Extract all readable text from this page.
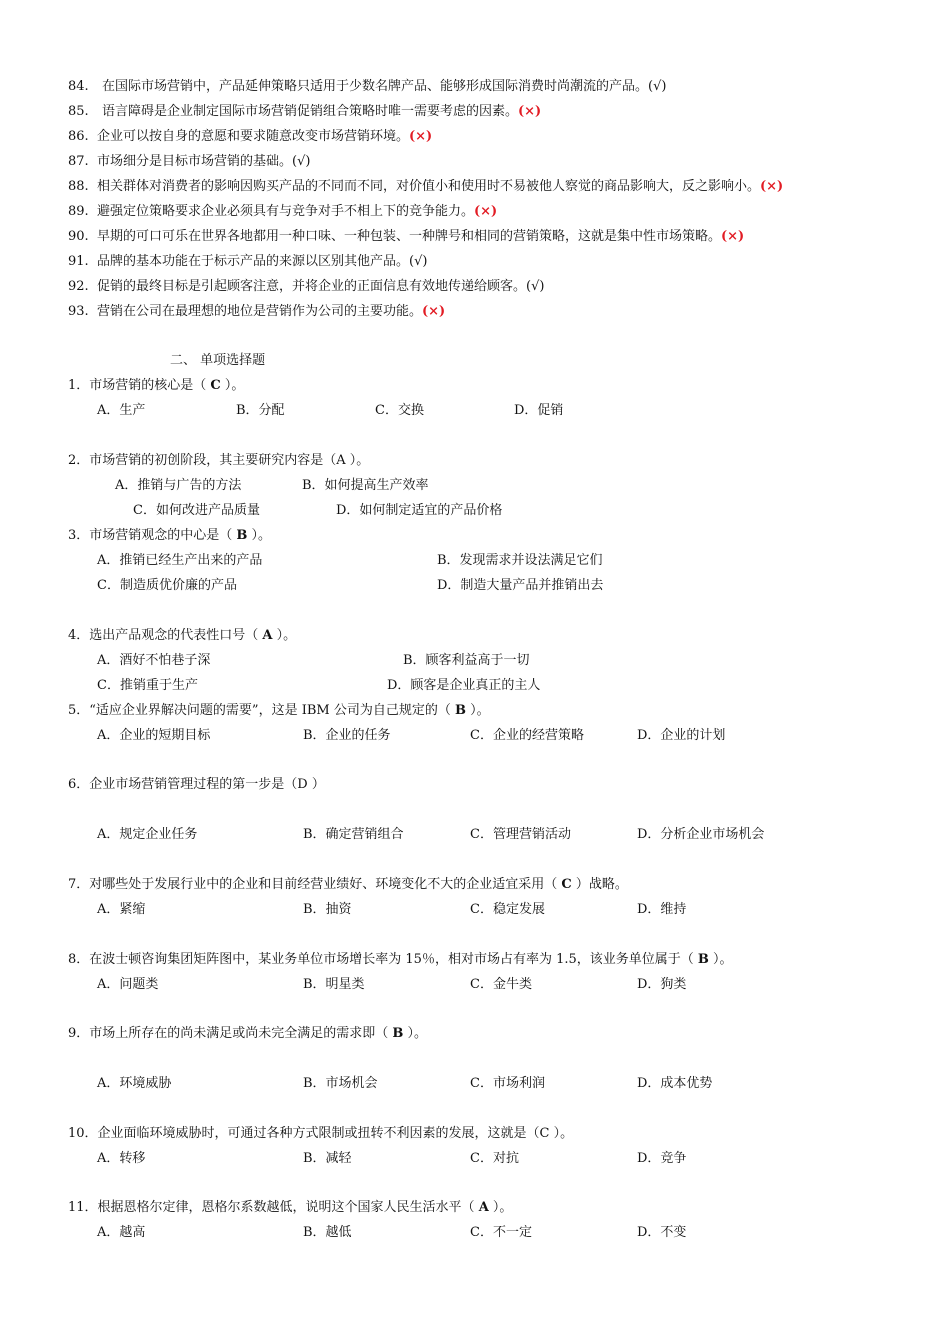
84. 在国际市场营销中，产品延伸策略只适用于少数名牌产品、能够形成国际消费时尚潮流的产品。(√)
85. 语言障碍是企业制定国际市场营销促销组合策略时唯一需要考虑的因素。(×)
86. 企业可以按自身的意愿和要求随意改变市场营销环境。(×)
87. 市场细分是目标市场营销的基础。(√)
88. 相关群体对消费者的影响因购买产品的不同而不同，对价值小和使用时不易被他人察觉的商品影响大，反之影响小。(×)
89. 避强定位策略要求企业必须具有与竞争对手不相上下的竞争能力。(×)
90. 早期的可口可乐在世界各地都用一种口味、一种包装、一种牌号和相同的营销策略，这就是集中性市场策略。(×)
91. 品牌的基本功能在于标示产品的来源以区别其他产品。(√)
92. 促销的最终目标是引起顾客注意，并将企业的正面信息有效地传递给顾客。(√)
93. 营销在公司在最理想的地位是营销作为公司的主要功能。(×)
二、 单项选择题
1．市场营销的核心是（ C ）。
A．生产	B．分配	C．交换	D．促销
2．市场营销的初创阶段，其主要研究内容是（A ）。
A．推销与广告的方法	B．如何提高生产效率
C．如何改进产品质量	D．如何制定适宜的产品价格
3．市场营销观念的中心是（ B ）。
A．推销已经生产出来的产品	B．发现需求并设法满足它们
C．制造质优价廉的产品	D．制造大量产品并推销出去
4．选出产品观念的代表性口号（ A ）。
A．酒好不怕巷子深	B．顾客利益高于一切
C．推销重于生产	D．顾客是企业真正的主人
5．“适应企业界解决问题的需要”，这是 IBM 公司为自己规定的（ B ）。
A．企业的短期目标	B．企业的任务	C．企业的经营策略	D．企业的计划
6．企业市场营销管理过程的第一步是（D ）
A．规定企业任务	B．确定营销组合	C．管理营销活动	D．分析企业市场机会
7．对哪些处于发展行业中的企业和目前经营业绩好、环境变化不大的企业适宜采用（ C ）战略。
A．紧缩	B．抽资	C．稳定发展	D．维持
8．在波士顿咨询集团矩阵图中，某业务单位市场增长率为 15％，相对市场占有率为 1.5，该业务单位属于（ B ）。
A．问题类	B．明星类	C．金牛类	D．狗类
9．市场上所存在的尚未满足或尚未完全满足的需求即（ B ）。
A．环境威胁	B．市场机会	C．市场利润	D．成本优势
10．企业面临环境威胁时，可通过各种方式限制或扭转不利因素的发展，这就是（C ）。
A．转移	B．减轻	C．对抗	D．竞争
11．根据恩格尔定律，恩格尔系数越低，说明这个国家人民生活水平（ A ）。
A．越高	B．越低	C．不一定	D．不变
